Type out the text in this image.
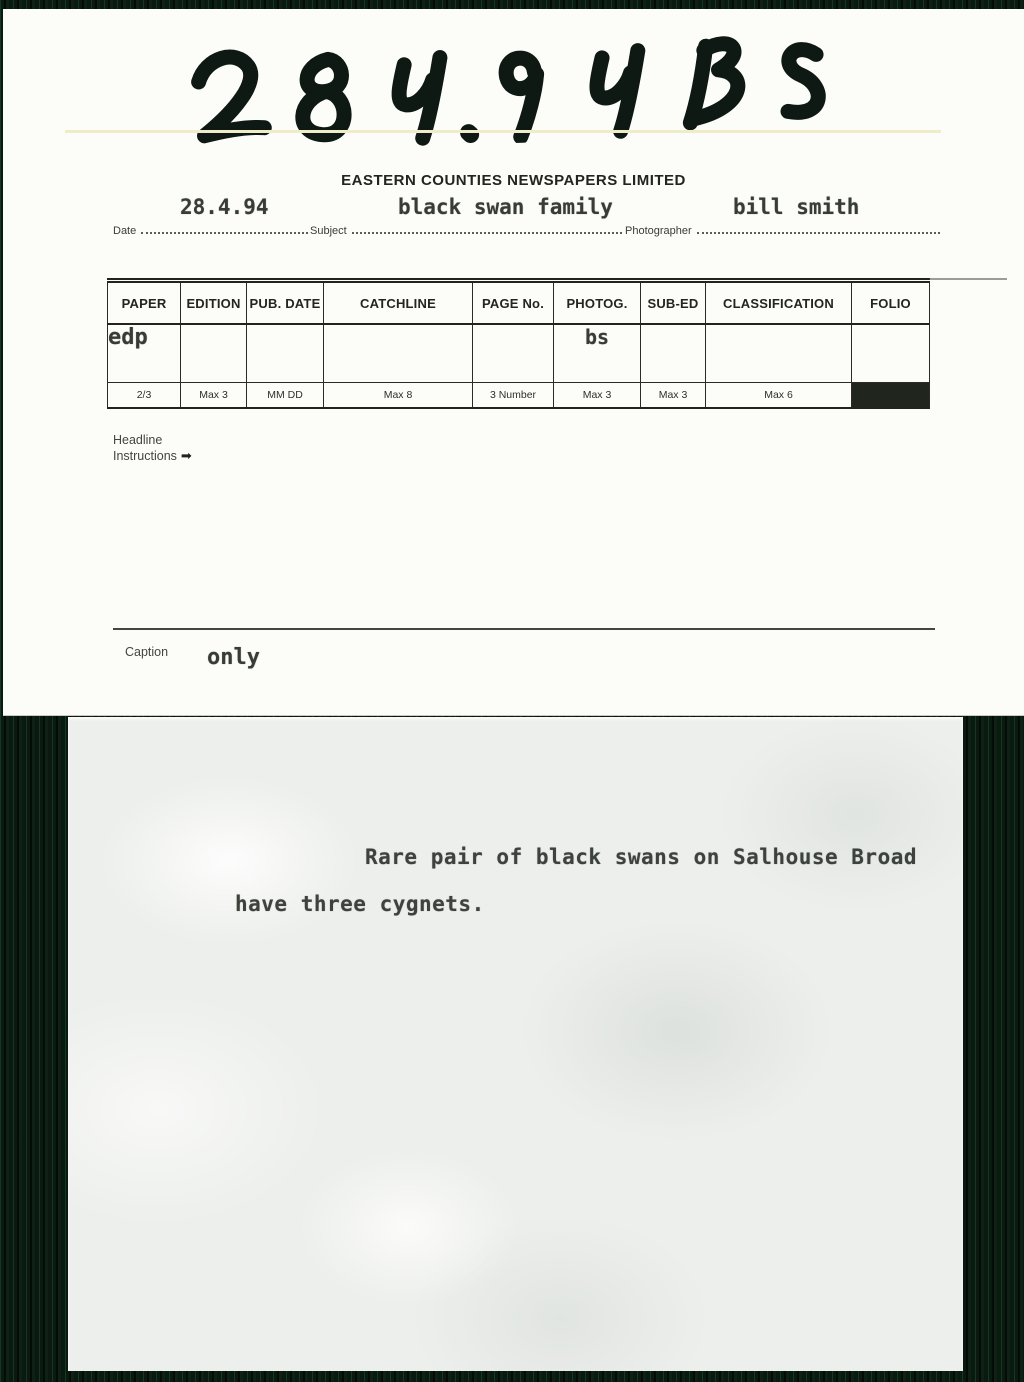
EASTERN COUNTIES NEWSPAPERS LIMITED
28.4.94	black swan family	bill smith
Date	Subject	Photographer
PAPER	EDITION	PUB. DATE	CATCHLINE	PAGE No.	PHOTOG.	SUB-ED	CLASSIFICATION	FOLIO
edp					bs			
2/3	Max 3	MM DD	Max 8	3 Number	Max 3	Max 3	Max 6	
Headline
Instructions ➡
Caption only
Rare pair of black swans on Salhouse Broad
have three cygnets.
